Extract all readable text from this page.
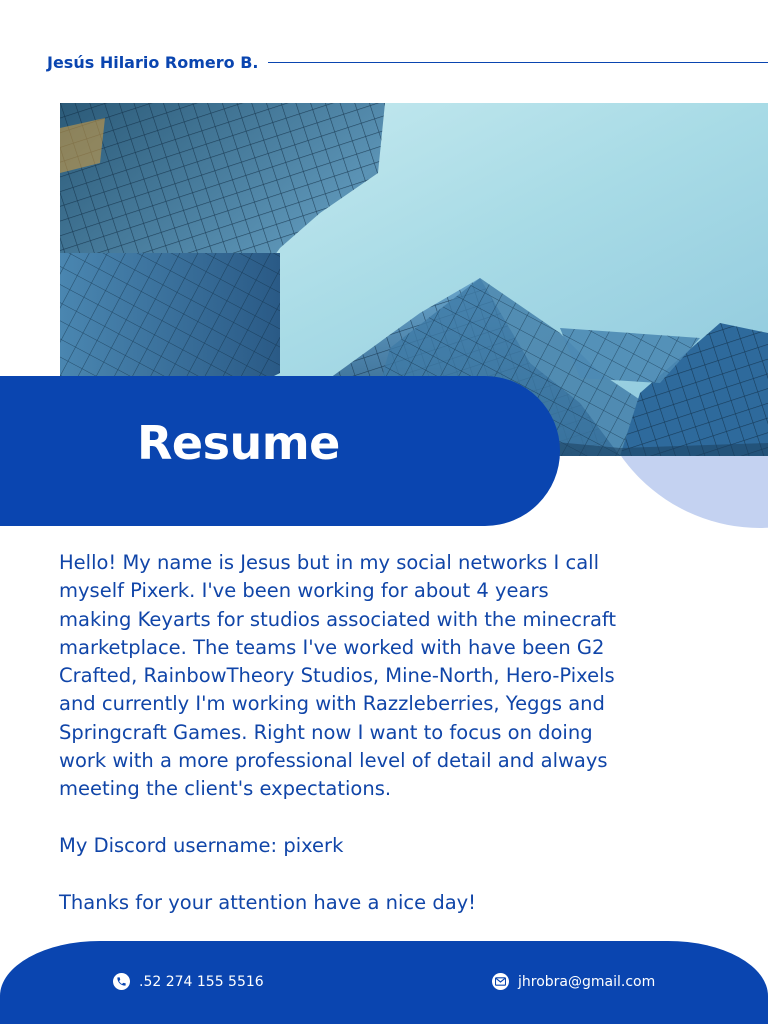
Jesús Hilario Romero B.
Resume

Hello! My name is Jesus but in my social networks I call

myself Pixerk. I've been working for about 4 years

making Keyarts for studios associated with the minecraft

marketplace. The teams I've worked with have been G2

Crafted, RainbowTheory Studios, Mine-North, Hero-Pixels

and currently I'm working with Razzleberries, Yeggs and

Springcraft Games. Right now I want to focus on doing

work with a more professional level of detail and always

meeting the client's expectations.

My Discord username: pixerk

Thanks for your attention have a nice day!

.52 274 155 5516	jhrobra@gmail.com
